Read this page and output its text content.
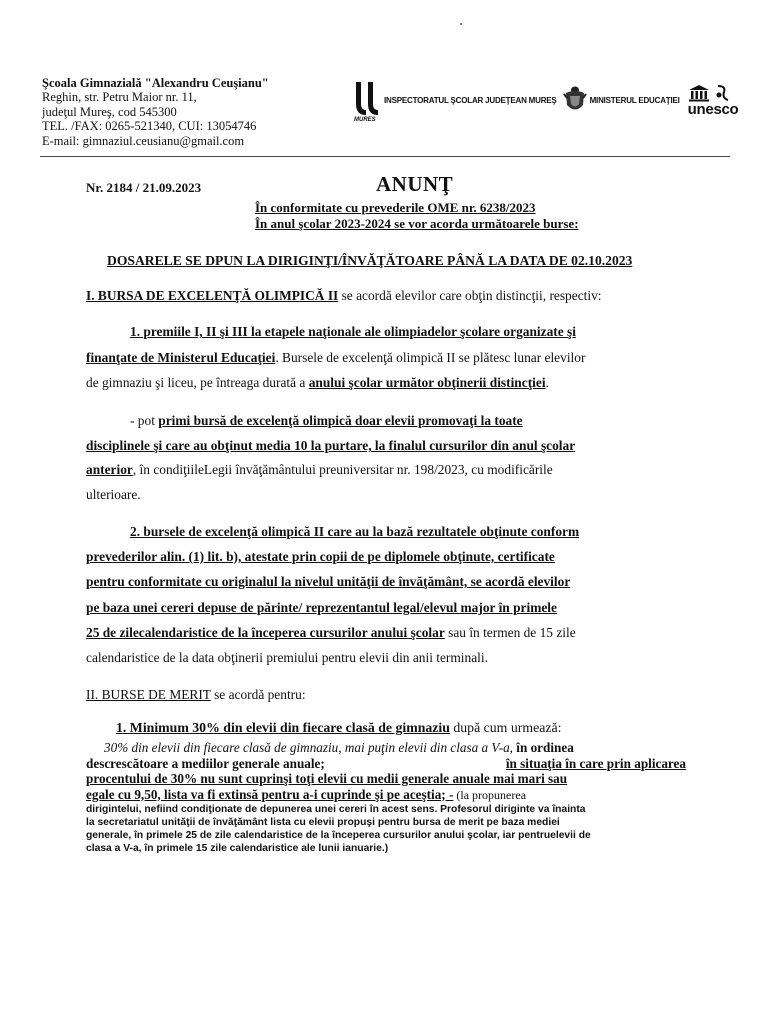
Şcoala Gimnazială "Alexandru Ceuşianu"
Reghin, str. Petru Maior nr. 11,
judeţul Mureş, cod 545300
TEL. /FAX: 0265-521340, CUI: 13054746
E-mail: gimnaziul.ceusianu@gmail.com
MURES
INSPECTORATUL ŞCOLAR JUDEŢEAN MUREŞ	MINISTERUL EDUCAŢIEI
unesco
Nr. 2184 / 21.09.2023	ANUNŢ
În conformitate cu prevederile OME nr. 6238/2023
În anul şcolar 2023-2024 se vor acorda următoarele burse:
DOSARELE SE DPUN LA DIRIGINŢI/ÎNVĂŢĂTOARE PÂNĂ LA DATA DE 02.10.2023
I. BURSA DE EXCELENŢĂ OLIMPICĂ II se acordă elevilor care obţin distincţii, respectiv:
1. premiile I, II şi III la etapele naţionale ale olimpiadelor şcolare organizate şi
finanţate de Ministerul Educaţiei. Bursele de excelenţă olimpică II se plătesc lunar elevilor
de gimnaziu şi liceu, pe întreaga durată a anului şcolar următor obţinerii distincţiei.
- pot primi bursă de excelenţă olimpică doar elevii promovaţi la toate
disciplinele şi care au obţinut media 10 la purtare, la finalul cursurilor din anul şcolar
anterior, în condiţiileLegii învăţământului preuniversitar nr. 198/2023, cu modificările
ulterioare.
2. bursele de excelenţă olimpică II care au la bază rezultatele obţinute conform
prevederilor alin. (1) lit. b), atestate prin copii de pe diplomele obţinute, certificate
pentru conformitate cu originalul la nivelul unităţii de învăţământ, se acordă elevilor
pe baza unei cereri depuse de părinte/ reprezentantul legal/elevul major în primele
25 de zilecalendaristice de la începerea cursurilor anului şcolar sau în termen de 15 zile
calendaristice de la data obţinerii premiului pentru elevii din anii terminali.
II. BURSE DE MERIT se acordă pentru:
1. Minimum 30% din elevii din fiecare clasă de gimnaziu după cum urmează:
30% din elevii din fiecare clasă de gimnaziu, mai puţin elevii din clasa a V-a, în ordinea
descrescătoare a mediilor generale anuale;	în situaţia în care prin aplicarea
procentului de 30% nu sunt cuprinşi toţi elevii cu medii generale anuale mai mari sau
egale cu 9,50, lista va fi extinsă pentru a-i cuprinde şi pe aceştia; - (la propunerea
dirigintelui, nefiind condiţionate de depunerea unei cereri în acest sens. Profesorul diriginte va înainta
la secretariatul unităţii de învăţământ lista cu elevii propuşi pentru bursa de merit pe baza mediei
generale, în primele 25 de zile calendaristice de la începerea cursurilor anului şcolar, iar pentruelevii de
clasa a V-a, în primele 15 zile calendaristice ale lunii ianuarie.)
